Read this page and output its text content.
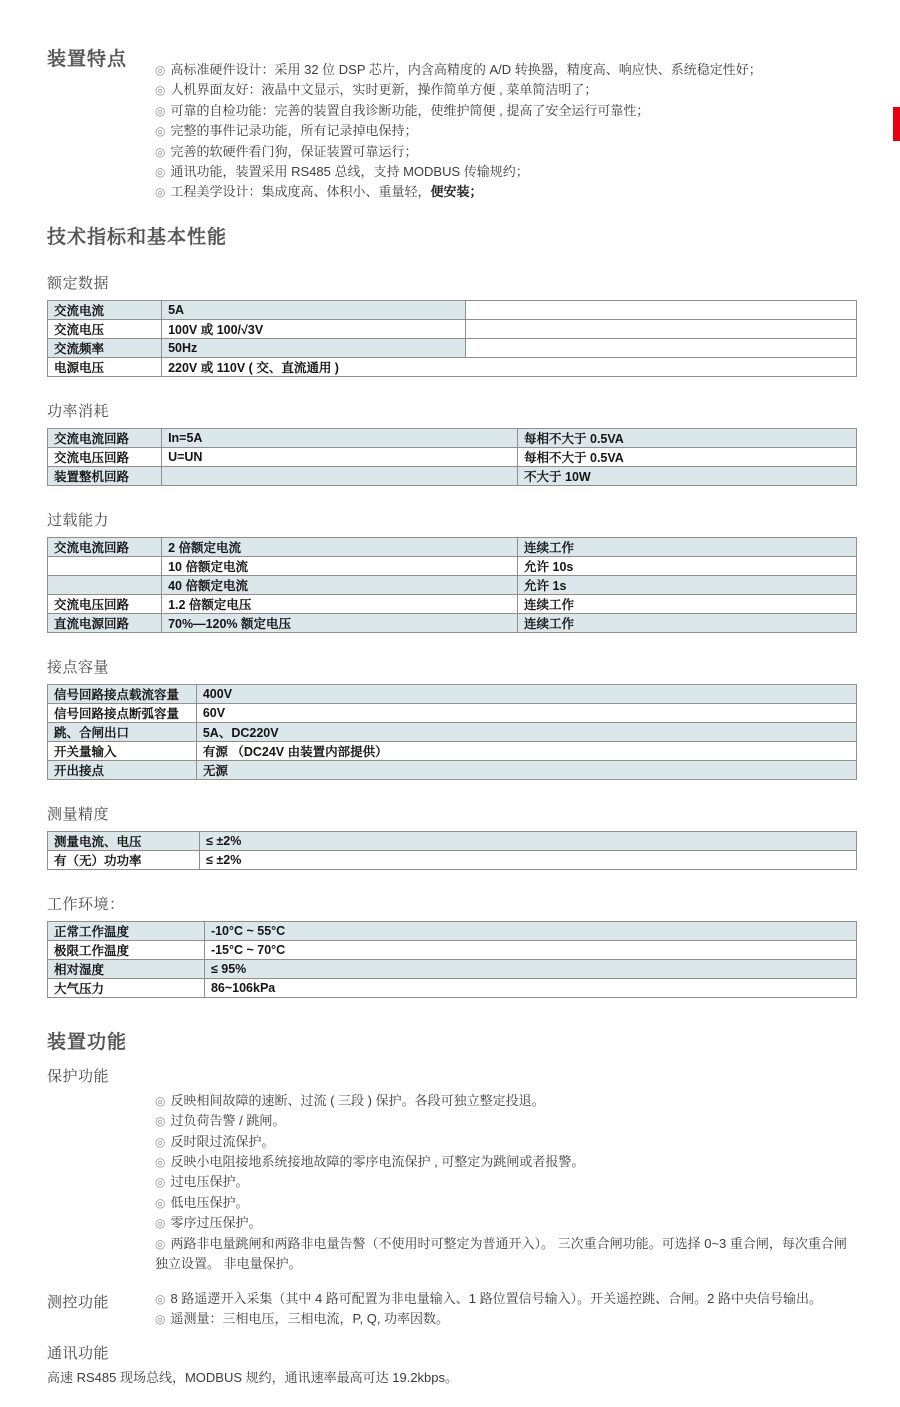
装置特点	◎ 高标准硬件设计：采用 32 位 DSP 芯片，内含高精度的 A/D 转换器，精度高、响应快、系统稳定性好；
◎ 人机界面友好：液晶中文显示，实时更新，操作简单方便 , 菜单简洁明了；
◎ 可靠的自检功能：完善的装置自我诊断功能，使维护简便 , 提高了安全运行可靠性；
◎ 完整的事件记录功能，所有记录掉电保持；
◎ 完善的软硬件看门狗，保证装置可靠运行；
◎ 通讯功能，装置采用 RS485 总线，支持 MODBUS 传输规约；
◎ 工程美学设计：集成度高、体积小、重量轻，便安装；
技术指标和基本性能
额定数据
交流电流	5A	
交流电压	100V 或 100/√3V	
交流频率	50Hz	
电源电压	220V 或 110V ( 交、直流通用 )	
功率消耗
交流电流回路	In=5A	每相不大于 0.5VA
交流电压回路	U=UN	每相不大于 0.5VA
装置整机回路		不大于 10W
过载能力
交流电流回路	2 倍额定电流	连续工作
	10 倍额定电流	允许 10s
	40 倍额定电流	允许 1s
交流电压回路	1.2 倍额定电压	连续工作
直流电源回路	70%—120% 额定电压	连续工作
接点容量
信号回路接点载流容量	400V
信号回路接点断弧容量	60V
跳、合闸出口	5A、DC220V
开关量输入	有源 （DC24V 由装置内部提供）
开出接点	无源
测量精度
测量电流、电压	≤ ±2%
有（无）功功率	≤ ±2%
工作环境：
正常工作温度	-10°C ~ 55°C
极限工作温度	-15°C ~ 70°C
相对湿度	≤ 95%
大气压力	86~106kPa
装置功能
保护功能
◎ 反映相间故障的速断、过流 ( 三段 ) 保护。各段可独立整定投退。
◎ 过负荷告警 / 跳闸。
◎ 反时限过流保护。
◎ 反映小电阻接地系统接地故障的零序电流保护 , 可整定为跳闸或者报警。
◎ 过电压保护。
◎ 低电压保护。
◎ 零序过压保护。
◎ 两路非电量跳闸和两路非电量告謷（不使用时可整定为普通开入）。 三次重合闸功能。可选择 0~3 重合闸，每次重合闸独立设置。 非电量保护。
测控功能	◎ 8 路遥遻开入采集（其中 4 路可配置为非电量输入、1 路位置信号输入）。开关遥控跳、合闸。2 路中央信号输出。
◎ 遥测量：三相电压，三相电流，P, Q, 功率因数。
通讯功能

高速 RS485 现场总线，MODBUS 规约，通讯速率最高可达 19.2kbps。
